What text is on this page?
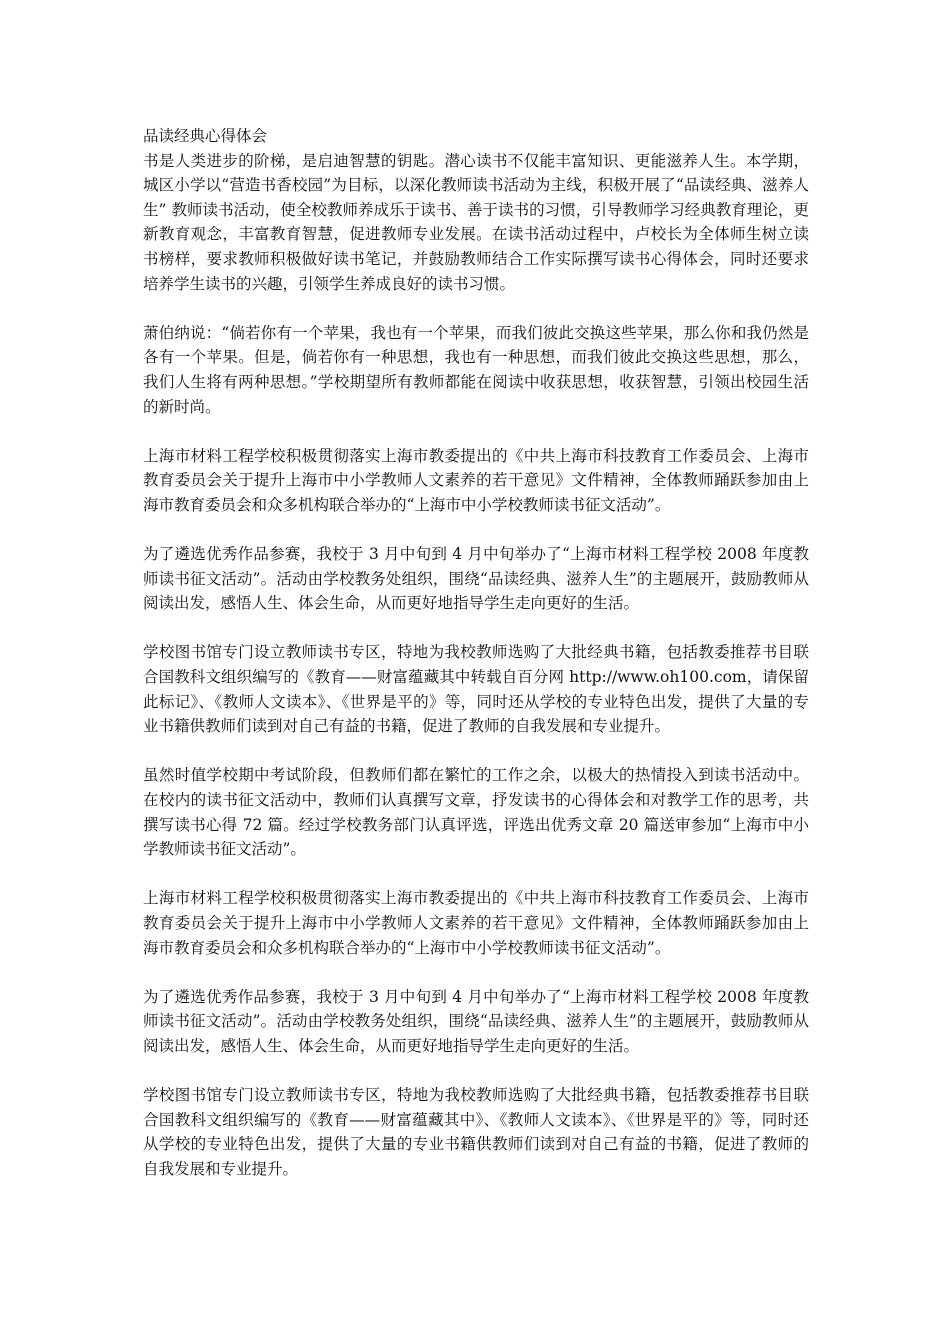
品读经典心得体会

书是人类进步的阶梯，是启迪智慧的钥匙。潜心读书不仅能丰富知识、更能滋养人生。本学期，城区小学以“营造书香校园”为目标，以深化教师读书活动为主线，积极开展了“品读经典、滋养人生” 教师读书活动，使全校教师养成乐于读书、善于读书的习惯，引导教师学习经典教育理论，更新教育观念，丰富教育智慧，促进教师专业发展。在读书活动过程中，卢校长为全体师生树立读书榜样，要求教师积极做好读书笔记，并鼓励教师结合工作实际撰写读书心得体会，同时还要求培养学生读书的兴趣，引领学生养成良好的读书习惯。

萧伯纳说：“倘若你有一个苹果，我也有一个苹果，而我们彼此交换这些苹果，那么你和我仍然是各有一个苹果。但是，倘若你有一种思想，我也有一种思想，而我们彼此交换这些思想，那么，我们人生将有两种思想。”学校期望所有教师都能在阅读中收获思想，收获智慧，引领出校园生活的新时尚。

上海市材料工程学校积极贯彻落实上海市教委提出的《中共上海市科技教育工作委员会、上海市教育委员会关于提升上海市中小学教师人文素养的若干意见》文件精神，全体教师踊跃参加由上海市教育委员会和众多机构联合举办的“上海市中小学校教师读书征文活动”。

为了遴选优秀作品参赛，我校于 3 月中旬到 4 月中旬举办了“上海市材料工程学校 2008 年度教师读书征文活动”。活动由学校教务处组织，围绕“品读经典、滋养人生”的主题展开，鼓励教师从阅读出发，感悟人生、体会生命，从而更好地指导学生走向更好的生活。

学校图书馆专门设立教师读书专区，特地为我校教师选购了大批经典书籍，包括教委推荐书目联合国教科文组织编写的《教育——财富蕴藏其中转载自百分网 http://www.oh100.com，请保留此标记》、《教师人文读本》、《世界是平的》等，同时还从学校的专业特色出发，提供了大量的专业书籍供教师们读到对自己有益的书籍，促进了教师的自我发展和专业提升。

虽然时值学校期中考试阶段，但教师们都在繁忙的工作之余，以极大的热情投入到读书活动中。在校内的读书征文活动中，教师们认真撰写文章，抒发读书的心得体会和对教学工作的思考，共撰写读书心得 72 篇。经过学校教务部门认真评选，评选出优秀文章 20 篇送审参加“上海市中小学教师读书征文活动”。

上海市材料工程学校积极贯彻落实上海市教委提出的《中共上海市科技教育工作委员会、上海市教育委员会关于提升上海市中小学教师人文素养的若干意见》文件精神，全体教师踊跃参加由上海市教育委员会和众多机构联合举办的“上海市中小学校教师读书征文活动”。

为了遴选优秀作品参赛，我校于 3 月中旬到 4 月中旬举办了“上海市材料工程学校 2008 年度教师读书征文活动”。活动由学校教务处组织，围绕“品读经典、滋养人生”的主题展开，鼓励教师从阅读出发，感悟人生、体会生命，从而更好地指导学生走向更好的生活。

学校图书馆专门设立教师读书专区，特地为我校教师选购了大批经典书籍，包括教委推荐书目联合国教科文组织编写的《教育——财富蕴藏其中》、《教师人文读本》、《世界是平的》等，同时还从学校的专业特色出发，提供了大量的专业书籍供教师们读到对自己有益的书籍，促进了教师的自我发展和专业提升。
